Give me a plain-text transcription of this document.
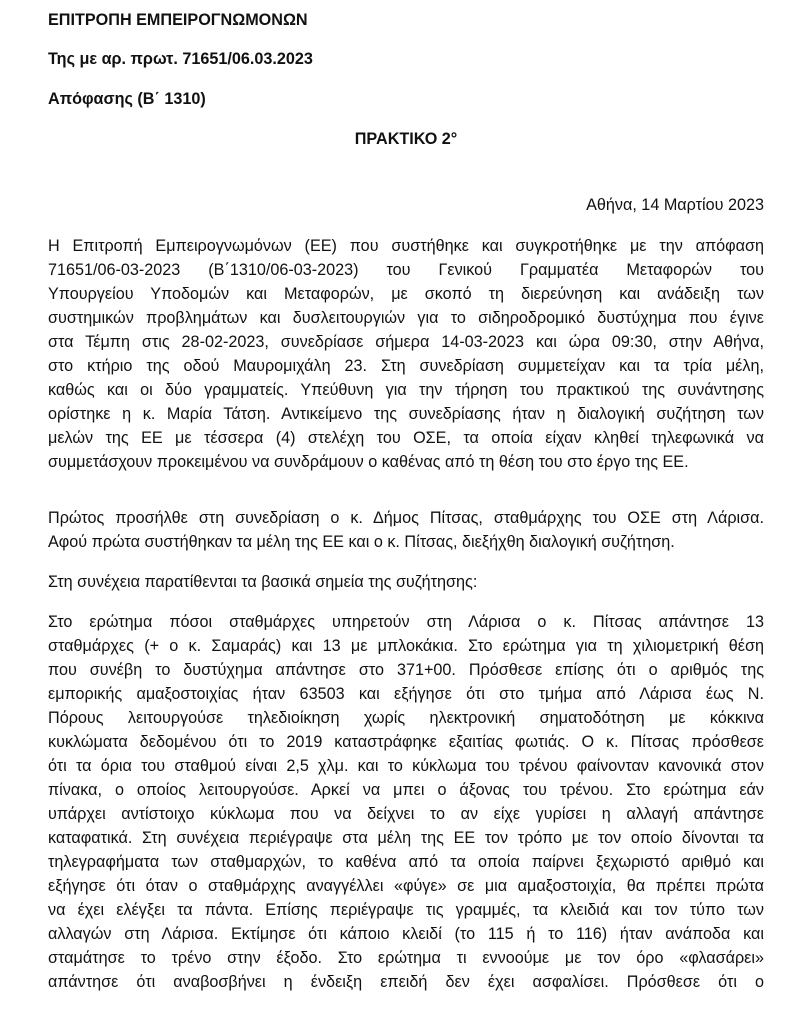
ΕΠΙΤΡΟΠΗ ΕΜΠΕΙΡΟΓΝΩΜΟΝΩΝ

Της με αρ. πρωτ. 71651/06.03.2023

Απόφασης (Β΄ 1310)

ΠΡΑΚΤΙΚΟ 2°
Αθήνα, 14 Μαρτίου 2023
Η Επιτροπή Εμπειρογνωμόνων (ΕΕ) που συστήθηκε και συγκροτήθηκε με την απόφαση
71651/06-03-2023 (Β΄1310/06-03-2023) του Γενικού Γραμματέα Μεταφορών του
Υπουργείου Υποδομών και Μεταφορών, με σκοπό τη διερεύνηση και ανάδειξη των
συστημικών προβλημάτων και δυσλειτουργιών για το σιδηροδρομικό δυστύχημα που έγινε
στα Τέμπη στις 28-02-2023, συνεδρίασε σήμερα 14-03-2023 και ώρα 09:30, στην Αθήνα,
στο κτήριο της οδού Μαυρομιχάλη 23. Στη συνεδρίαση συμμετείχαν και τα τρία μέλη,
καθώς και οι δύο γραμματείς. Υπεύθυνη για την τήρηση του πρακτικού της συνάντησης
ορίστηκε η κ. Μαρία Τάτση. Αντικείμενο της συνεδρίασης ήταν η διαλογική συζήτηση των
μελών της ΕΕ με τέσσερα (4) στελέχη του ΟΣΕ, τα οποία είχαν κληθεί τηλεφωνικά να
συμμετάσχουν προκειμένου να συνδράμουν ο καθένας από τη θέση του στο έργο της ΕΕ.
Πρώτος προσήλθε στη συνεδρίαση ο κ. Δήμος Πίτσας, σταθμάρχης του ΟΣΕ στη Λάρισα.
Αφού πρώτα συστήθηκαν τα μέλη της ΕΕ και ο κ. Πίτσας, διεξήχθη διαλογική συζήτηση.
Στη συνέχεια παρατίθενται τα βασικά σημεία της συζήτησης:
Στο ερώτημα πόσοι σταθμάρχες υπηρετούν στη Λάρισα ο κ. Πίτσας απάντησε 13
σταθμάρχες (+ ο κ. Σαμαράς) και 13 με μπλοκάκια. Στο ερώτημα για τη χιλιομετρική θέση
που συνέβη το δυστύχημα απάντησε στο 371+00. Πρόσθεσε επίσης ότι ο αριθμός της
εμπορικής αμαξοστοιχίας ήταν 63503 και εξήγησε ότι στο τμήμα από Λάρισα έως Ν.
Πόρους λειτουργούσε τηλεδιοίκηση χωρίς ηλεκτρονική σηματοδότηση με κόκκινα
κυκλώματα δεδομένου ότι το 2019 καταστράφηκε εξαιτίας φωτιάς. Ο κ. Πίτσας πρόσθεσε
ότι τα όρια του σταθμού είναι 2,5 χλμ. και το κύκλωμα του τρένου φαίνονταν κανονικά στον
πίνακα, ο οποίος λειτουργούσε. Αρκεί να μπει ο άξονας του τρένου. Στο ερώτημα εάν
υπάρχει αντίστοιχο κύκλωμα που να δείχνει το αν είχε γυρίσει η αλλαγή απάντησε
καταφατικά. Στη συνέχεια περιέγραψε στα μέλη της ΕΕ τον τρόπο με τον οποίο δίνονται τα
τηλεγραφήματα των σταθμαρχών, το καθένα από τα οποία παίρνει ξεχωριστό αριθμό και
εξήγησε ότι όταν ο σταθμάρχης αναγγέλλει «φύγε» σε μια αμαξοστοιχία, θα πρέπει πρώτα
να έχει ελέγξει τα πάντα. Επίσης περιέγραψε τις γραμμές, τα κλειδιά και τον τύπο των
αλλαγών στη Λάρισα. Εκτίμησε ότι κάποιο κλειδί (το 115 ή το 116) ήταν ανάποδα και
σταμάτησε το τρένο στην έξοδο. Στο ερώτημα τι εννοούμε με τον όρο «φλασάρει»
απάντησε ότι αναβοσβήνει η ένδειξη επειδή δεν έχει ασφαλίσει. Πρόσθεσε ότι ο
